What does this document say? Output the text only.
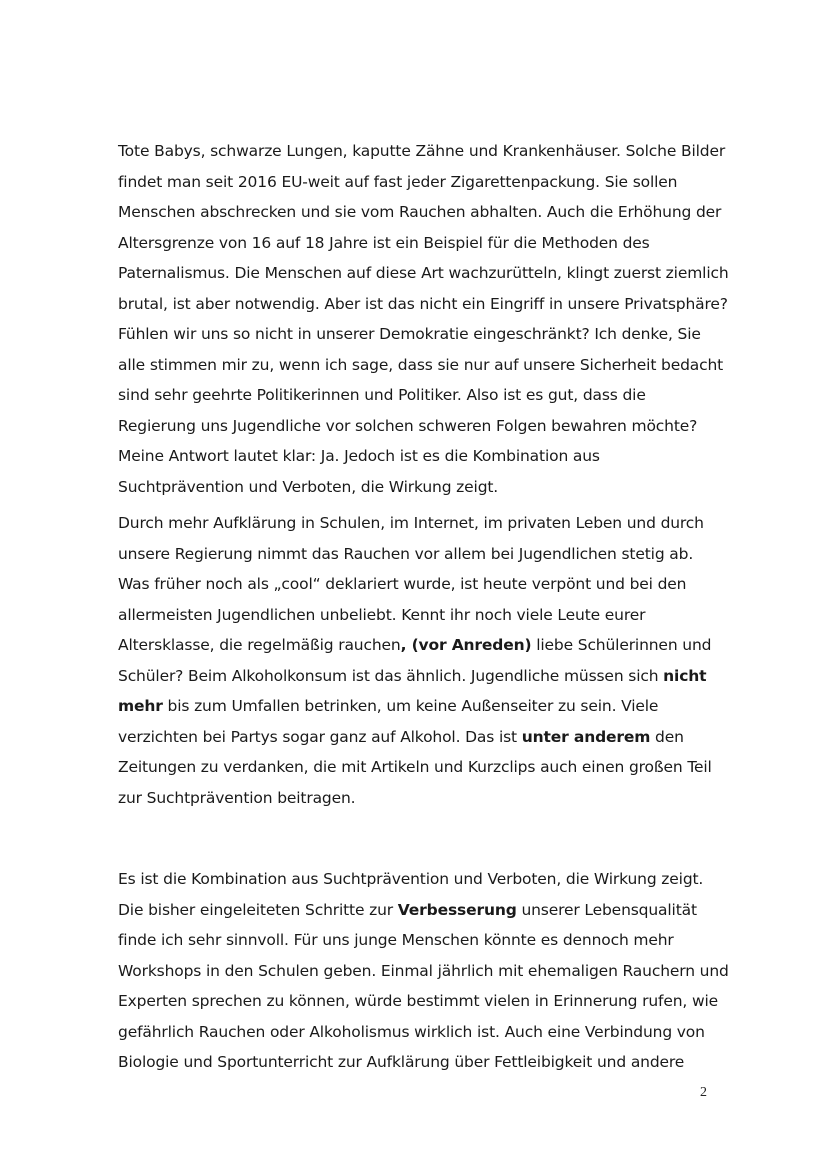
Tote Babys, schwarze Lungen, kaputte Zähne und Krankenhäuser. Solche Bilder
findet man seit 2016 EU-weit auf fast jeder Zigarettenpackung. Sie sollen
Menschen abschrecken und sie vom Rauchen abhalten. Auch die Erhöhung der
Altersgrenze von 16 auf 18 Jahre ist ein Beispiel für die Methoden des
Paternalismus. Die Menschen auf diese Art wachzurütteln, klingt zuerst ziemlich
brutal, ist aber notwendig. Aber ist das nicht ein Eingriff in unsere Privatsphäre?
Fühlen wir uns so nicht in unserer Demokratie eingeschränkt? Ich denke, Sie
alle stimmen mir zu, wenn ich sage, dass sie nur auf unsere Sicherheit bedacht
sind sehr geehrte Politikerinnen und Politiker. Also ist es gut, dass die
Regierung uns Jugendliche vor solchen schweren Folgen bewahren möchte?
Meine Antwort lautet klar: Ja. Jedoch ist es die Kombination aus
Suchtprävention und Verboten, die Wirkung zeigt.
Durch mehr Aufklärung in Schulen, im Internet, im privaten Leben und durch
unsere Regierung nimmt das Rauchen vor allem bei Jugendlichen stetig ab.
Was früher noch als „cool“ deklariert wurde, ist heute verpönt und bei den
allermeisten Jugendlichen unbeliebt. Kennt ihr noch viele Leute eurer
Altersklasse, die regelmäßig rauchen, (vor Anreden) liebe Schülerinnen und
Schüler? Beim Alkoholkonsum ist das ähnlich. Jugendliche müssen sich nicht
mehr bis zum Umfallen betrinken, um keine Außenseiter zu sein. Viele
verzichten bei Partys sogar ganz auf Alkohol. Das ist unter anderem den
Zeitungen zu verdanken, die mit Artikeln und Kurzclips auch einen großen Teil
zur Suchtprävention beitragen.
Es ist die Kombination aus Suchtprävention und Verboten, die Wirkung zeigt.
Die bisher eingeleiteten Schritte zur Verbesserung unserer Lebensqualität
finde ich sehr sinnvoll. Für uns junge Menschen könnte es dennoch mehr
Workshops in den Schulen geben. Einmal jährlich mit ehemaligen Rauchern und
Experten sprechen zu können, würde bestimmt vielen in Erinnerung rufen, wie
gefährlich Rauchen oder Alkoholismus wirklich ist. Auch eine Verbindung von
Biologie und Sportunterricht zur Aufklärung über Fettleibigkeit und andere
2
